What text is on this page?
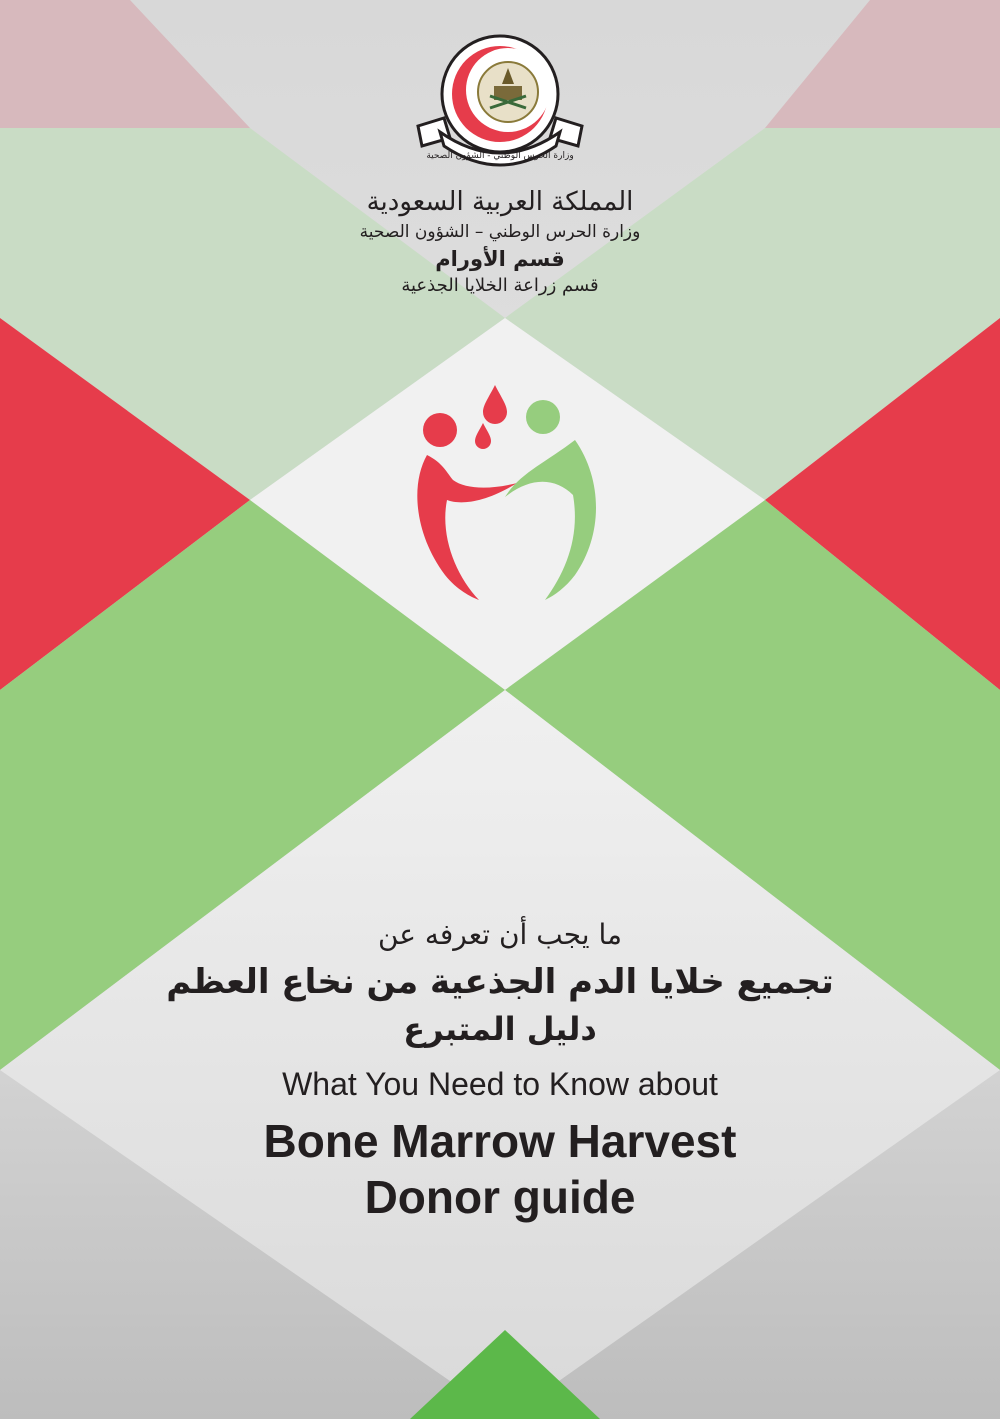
وزارة الحرس الوطني - الشؤون الصحية

المملكة العربية السعودية

وزارة الحرس الوطني – الشؤون الصحية

قسم الأورام

قسم زراعة الخلايا الجذعية

ما يجب أن تعرفه عن

تجميع خلايا الدم الجذعية من نخاع العظم

دليل المتبرع

What You Need to Know about

Bone Marrow Harvest

Donor guide
